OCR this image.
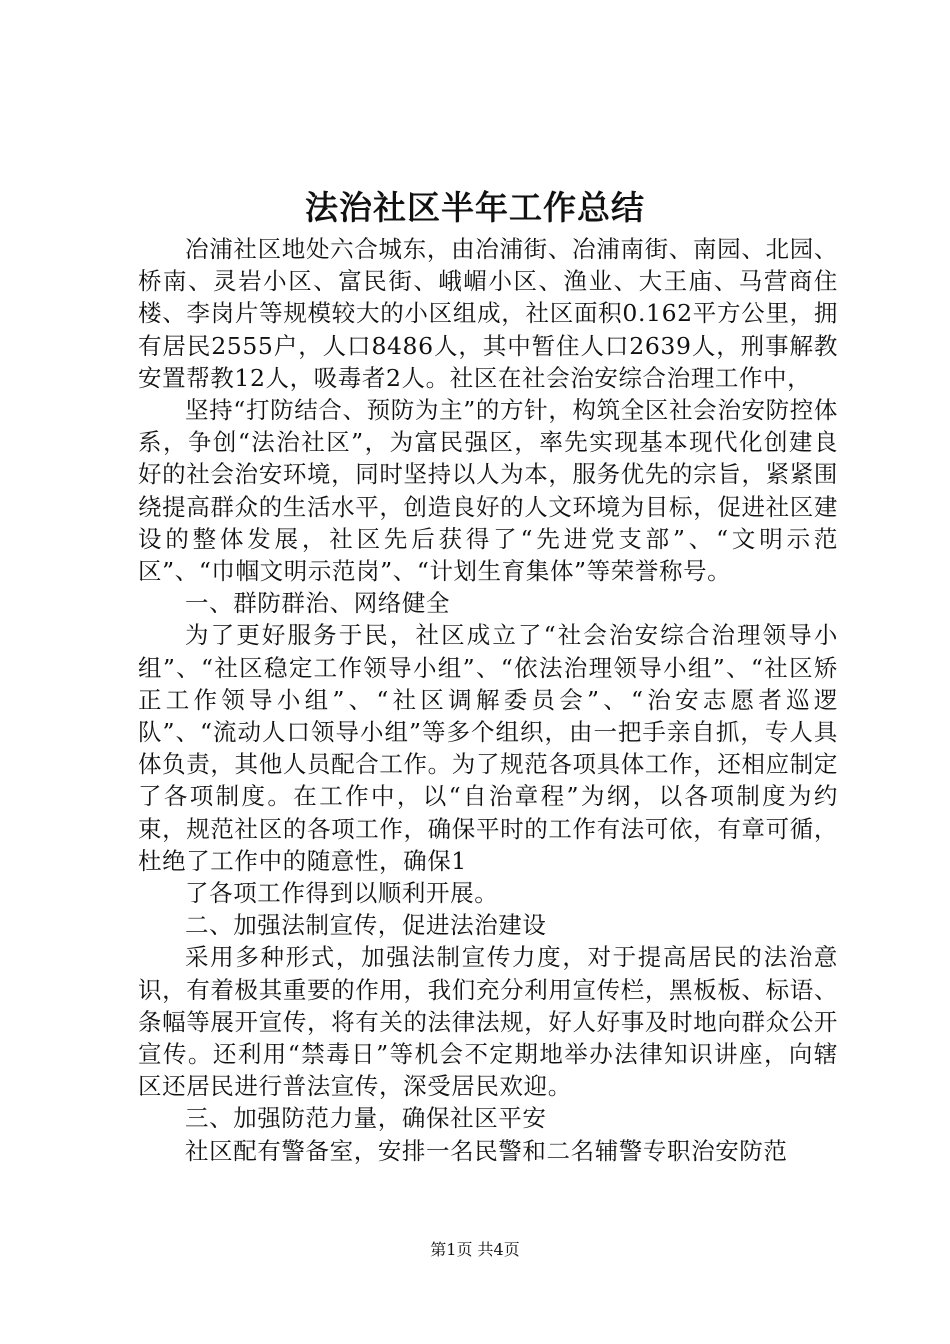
法治社区半年工作总结

冶浦社区地处六合城东，由冶浦街、冶浦南街、南园、北园、桥南、灵岩小区、富民街、峨嵋小区、渔业、大王庙、马营商住楼、李岗片等规模较大的小区组成，社区面积0.162平方公里，拥有居民2555户，人口8486人，其中暂住人口2639人，刑事解教安置帮教12人，吸毒者2人。社区在社会治安综合治理工作中，

坚持“打防结合、预防为主”的方针，构筑全区社会治安防控体系，争创“法治社区”，为富民强区，率先实现基本现代化创建良好的社会治安环境，同时坚持以人为本，服务优先的宗旨，紧紧围绕提高群众的生活水平，创造良好的人文环境为目标，促进社区建设的整体发展，社区先后获得了“先进党支部”、“文明示范区”、“巾帼文明示范岗”、“计划生育集体”等荣誉称号。

一、群防群治、网络健全

为了更好服务于民，社区成立了“社会治安综合治理领导小组”、“社区稳定工作领导小组”、“依法治理领导小组”、“社区矫正工作领导小组”、“社区调解委员会”、“治安志愿者巡逻队”、“流动人口领导小组”等多个组织，由一把手亲自抓，专人具体负责，其他人员配合工作。为了规范各项具体工作，还相应制定了各项制度。在工作中，以“自治章程”为纲，以各项制度为约束，规范社区的各项工作，确保平时的工作有法可依，有章可循，杜绝了工作中的随意性，确保1

了各项工作得到以顺利开展。

二、加强法制宣传，促进法治建设

采用多种形式，加强法制宣传力度，对于提高居民的法治意识，有着极其重要的作用，我们充分利用宣传栏，黑板板、标语、条幅等展开宣传，将有关的法律法规，好人好事及时地向群众公开宣传。还利用“禁毒日”等机会不定期地举办法律知识讲座，向辖区还居民进行普法宣传，深受居民欢迎。

三、加强防范力量，确保社区平安

社区配有警备室，安排一名民警和二名辅警专职治安防范

第1页 共4页
